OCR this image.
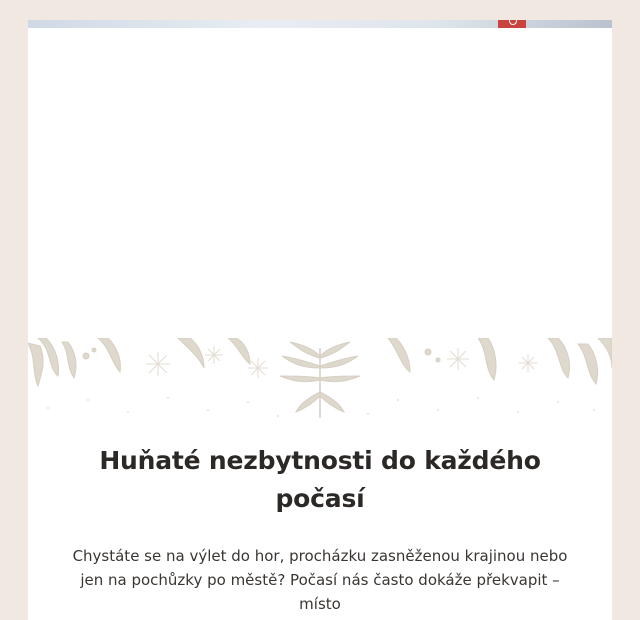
Huňaté nezbytnosti do každého počasí

Chystáte se na výlet do hor, procházku zasněženou krajinou nebo jen na pochůzky po městě? Počasí nás často dokáže překvapit – místo
